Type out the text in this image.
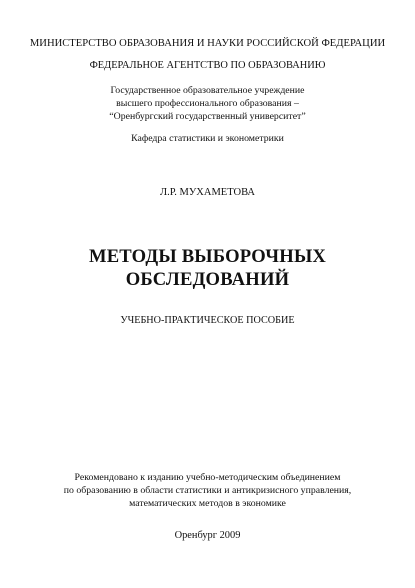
МИНИСТЕРСТВО ОБРАЗОВАНИЯ И НАУКИ РОССИЙСКОЙ ФЕДЕРАЦИИ
ФЕДЕРАЛЬНОЕ АГЕНТСТВО ПО ОБРАЗОВАНИЮ
Государственное образовательное учреждение
высшего профессионального образования –
“Оренбургский государственный университет”
Кафедра статистики и эконометрики
Л.Р. МУХАМЕТОВА
МЕТОДЫ ВЫБОРОЧНЫХ
ОБСЛЕДОВАНИЙ
УЧЕБНО-ПРАКТИЧЕСКОЕ ПОСОБИЕ
Рекомендовано к изданию учебно-методическим объединением
по образованию в области статистики и антикризисного управления,
математических методов в экономике
Оренбург 2009
